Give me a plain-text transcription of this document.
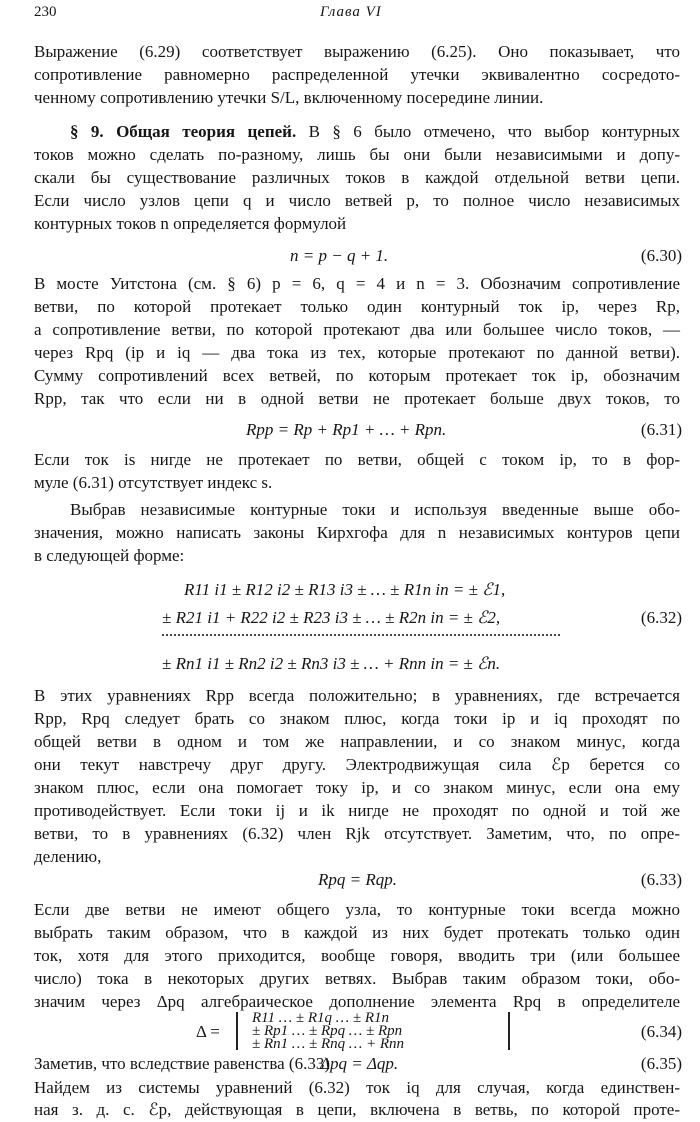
230	Глава VI
Выражение (6.29) соответствует выражению (6.25). Оно показывает, что
сопротивление равномерно распределенной утечки эквивалентно сосредото-
ченному сопротивлению утечки S/L, включенному посередине линии.
§ 9. Общая теория цепей. В § 6 было отмечено, что выбор контурных
токов можно сделать по-разному, лишь бы они были независимыми и допу-
скали бы существование различных токов в каждой отдельной ветви цепи.
Если число узлов цепи q и число ветвей p, то полное число независимых
контурных токов n определяется формулой
n = p − q + 1.	(6.30)
В мосте Уитстона (см. § 6) p = 6, q = 4 и n = 3. Обозначим сопротивление
ветви, по которой протекает только один контурный ток ip, через Rp,
а сопротивление ветви, по которой протекают два или большее число токов, —
через Rpq (ip и iq — два тока из тех, которые протекают по данной ветви).
Сумму сопротивлений всех ветвей, по которым протекает ток ip, обозначим
Rpp, так что если ни в одной ветви не протекает больше двух токов, то
Rpp = Rp + Rp1 + … + Rpn.	(6.31)
Если ток is нигде не протекает по ветви, общей с током ip, то в фор-
муле (6.31) отсутствует индекс s.
Выбрав независимые контурные токи и используя введенные выше обо-
значения, можно написать законы Кирхгофа для n независимых контуров цепи
в следующей форме:
R11 i1 ± R12 i2 ± R13 i3 ± … ± R1n in = ± ℰ1,
± R21 i1 + R22 i2 ± R23 i3 ± … ± R2n in = ± ℰ2,	(6.32)
± Rn1 i1 ± Rn2 i2 ± Rn3 i3 ± … + Rnn in = ± ℰn.
В этих уравнениях Rpp всегда положительно; в уравнениях, где встречается
Rpp, Rpq следует брать со знаком плюс, когда токи ip и iq проходят по
общей ветви в одном и том же направлении, и со знаком минус, когда
они текут навстречу друг другу. Электродвижущая сила ℰp берется со
знаком плюс, если она помогает току ip, и со знаком минус, если она ему
противодействует. Если токи ij и ik нигде не проходят по одной и той же
ветви, то в уравнениях (6.32) член Rjk отсутствует. Заметим, что, по опре-
делению,
Rpq = Rqp.	(6.33)
Если две ветви не имеют общего узла, то контурные токи всегда можно
выбрать таким образом, что в каждой из них будет протекать только один
ток, хотя для этого приходится, вообще говоря, вводить три (или большее
число) тока в некоторых других ветвях. Выбрав таким образом токи, обо-
значим через Δpq алгебраическое дополнение элемента Rpq в определителе
Δ =
R11 … ± R1q … ± R1n
± Rp1 … ± Rpq … ± Rpn
± Rn1 … ± Rnq … + Rnn
(6.34)
Заметив, что вследствие равенства (6.33)
Δpq = Δqp.	(6.35)
Найдем из системы уравнений (6.32) ток iq для случая, когда единствен-
ная з. д. с. ℰp, действующая в цепи, включена в ветвь, по которой проте-
